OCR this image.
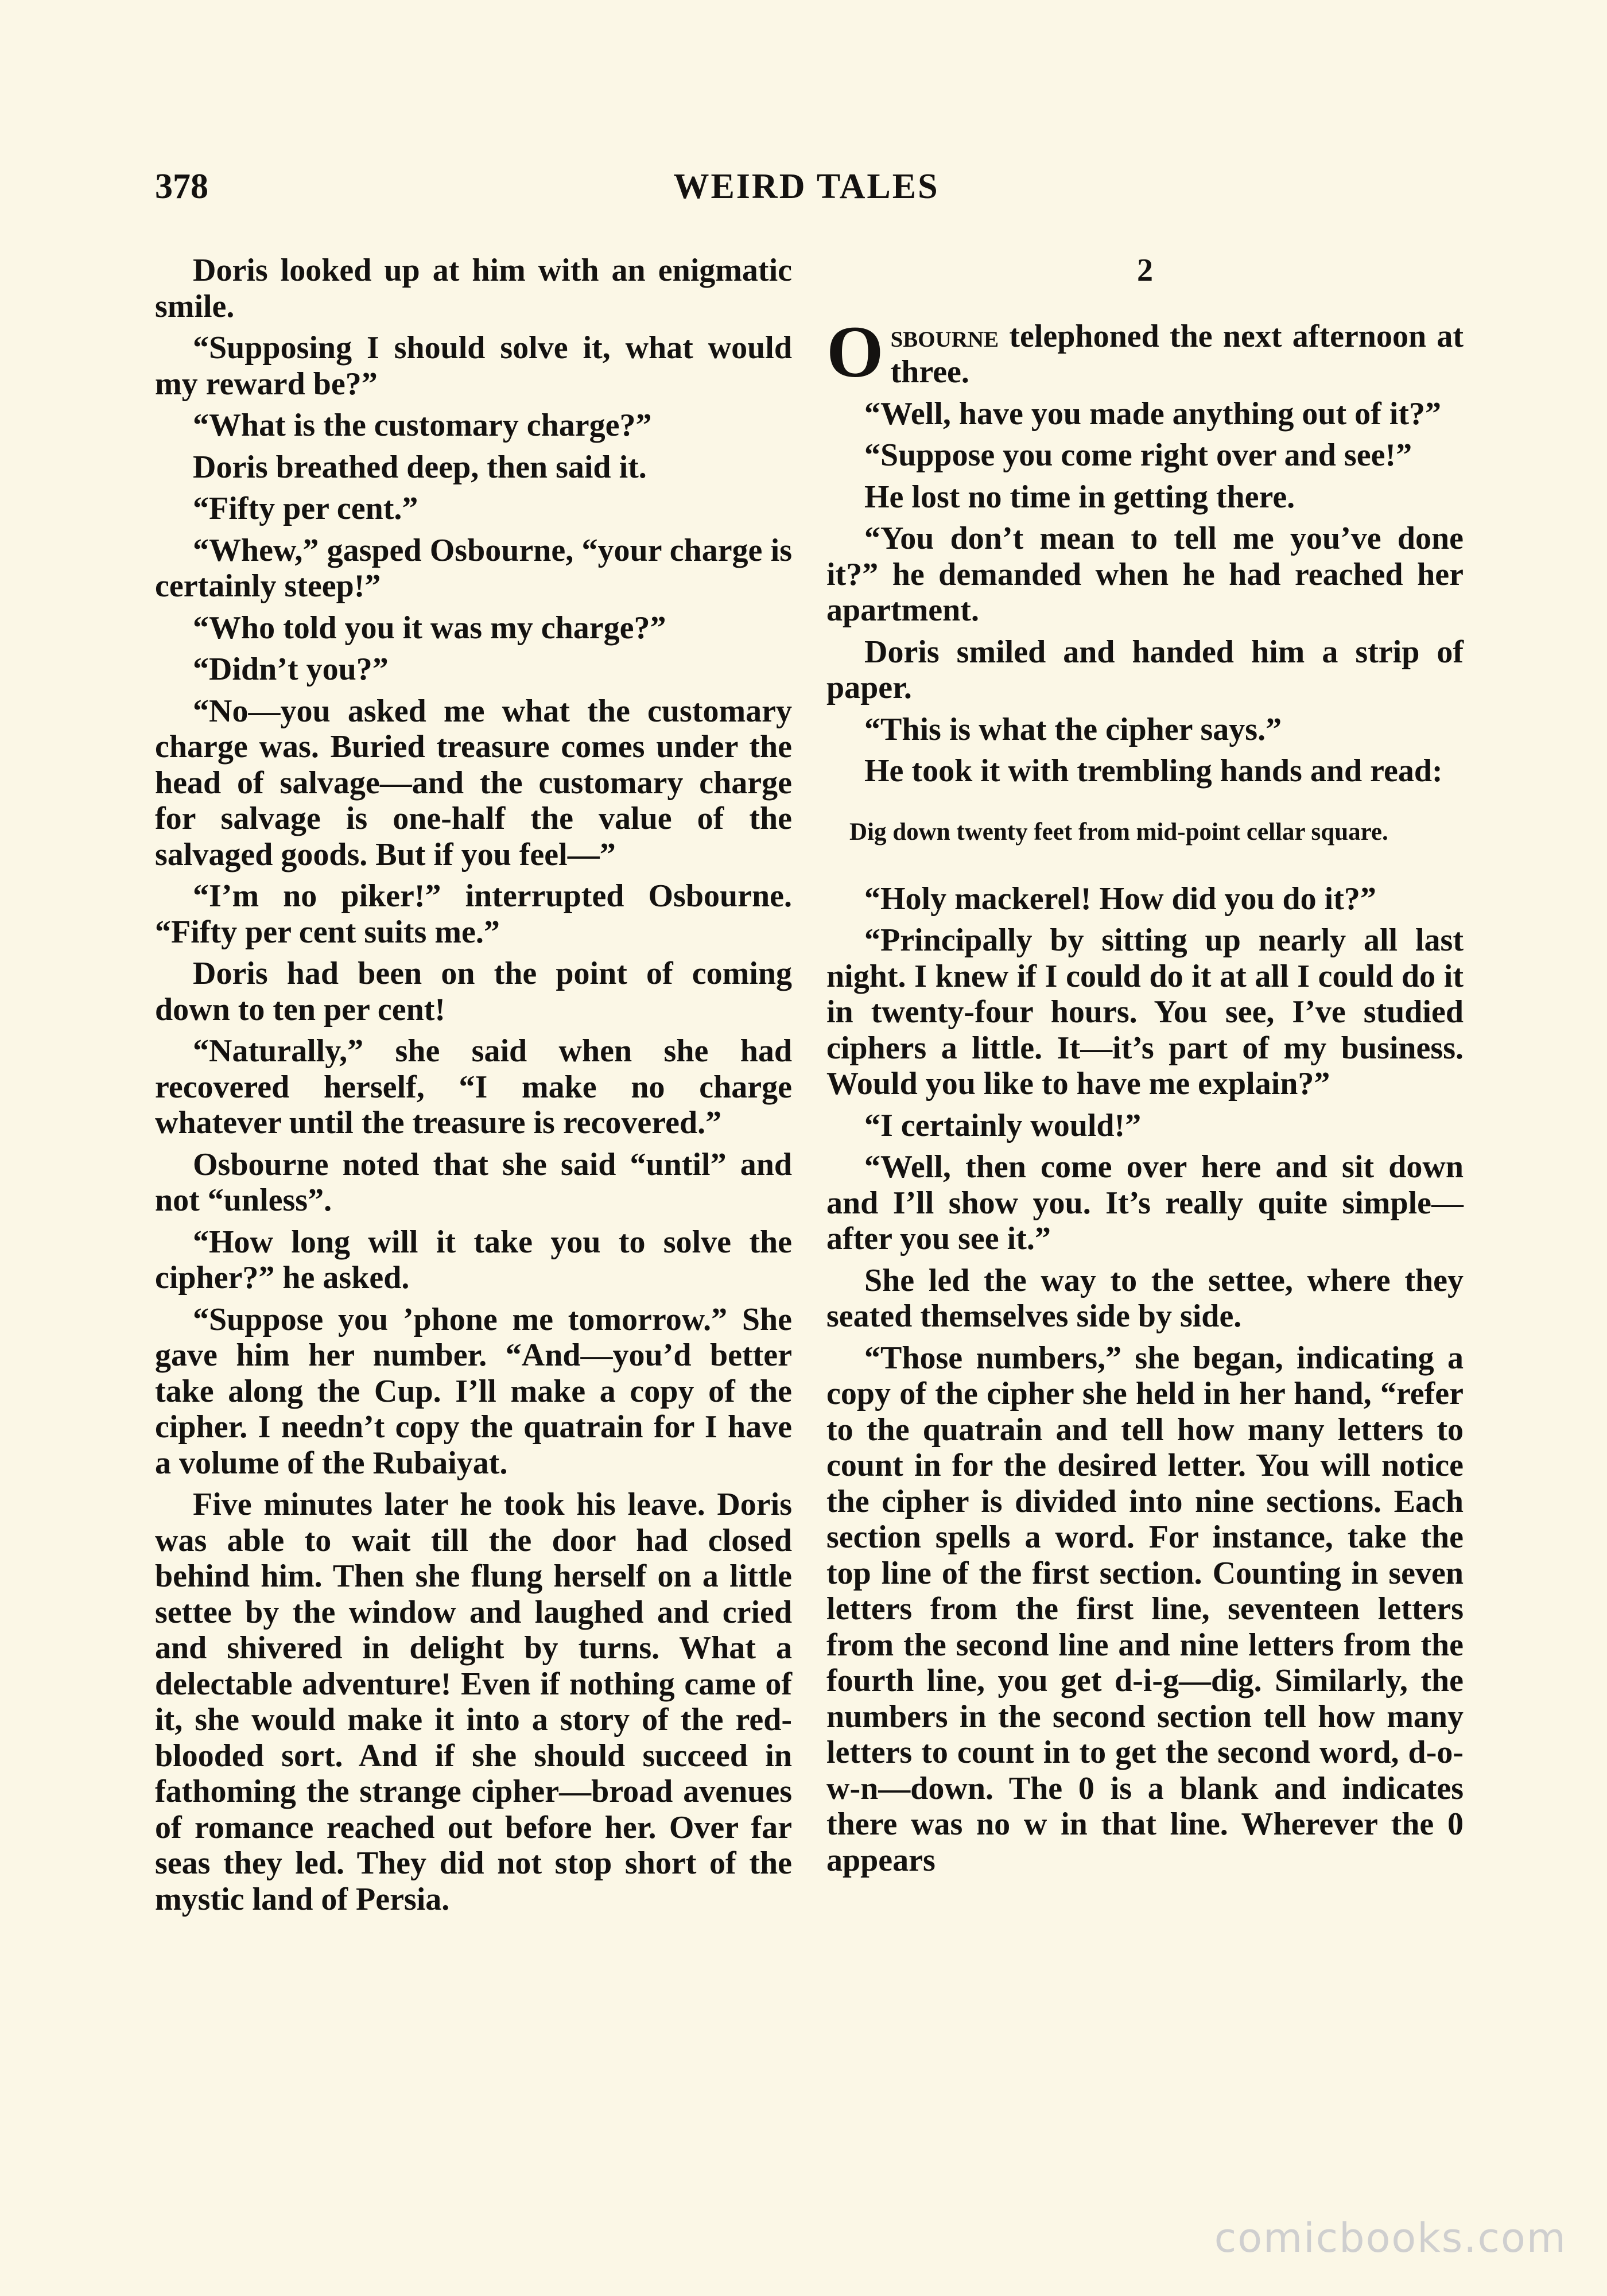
378	WEIRD TALES

Doris looked up at him with an enigmatic smile.

“Supposing I should solve it, what would my reward be?”

“What is the customary charge?”

Doris breathed deep, then said it.

“Fifty per cent.”

“Whew,” gasped Osbourne, “your charge is certainly steep!”

“Who told you it was my charge?”

“Didn’t you?”

“No—you asked me what the customary charge was. Buried treasure comes under the head of salvage—and the customary charge for salvage is one-half the value of the salvaged goods. But if you feel—”

“I’m no piker!” interrupted Osbourne. “Fifty per cent suits me.”

Doris had been on the point of coming down to ten per cent!

“Naturally,” she said when she had recovered herself, “I make no charge whatever until the treasure is recovered.”

Osbourne noted that she said “until” and not “unless”.

“How long will it take you to solve the cipher?” he asked.

“Suppose you ’phone me tomorrow.” She gave him her number. “And—you’d better take along the Cup. I’ll make a copy of the cipher. I needn’t copy the quatrain for I have a volume of the Rubaiyat.

Five minutes later he took his leave. Doris was able to wait till the door had closed behind him. Then she flung herself on a little settee by the window and laughed and cried and shivered in delight by turns. What a delectable adventure! Even if nothing came of it, she would make it into a story of the red-blooded sort. And if she should succeed in fathoming the strange cipher—broad avenues of romance reached out before her. Over far seas they led. They did not stop short of the mystic land of Persia.

2

Osbourne telephoned the next afternoon at three.

“Well, have you made anything out of it?”

“Suppose you come right over and see!”

He lost no time in getting there.

“You don’t mean to tell me you’ve done it?” he demanded when he had reached her apartment.

Doris smiled and handed him a strip of paper.

“This is what the cipher says.”

He took it with trembling hands and read:

Dig down twenty feet from mid-point cellar square.

“Holy mackerel! How did you do it?”

“Principally by sitting up nearly all last night. I knew if I could do it at all I could do it in twenty-four hours. You see, I’ve studied ciphers a little. It—it’s part of my business. Would you like to have me explain?”

“I certainly would!”

“Well, then come over here and sit down and I’ll show you. It’s really quite simple—after you see it.”

She led the way to the settee, where they seated themselves side by side.

“Those numbers,” she began, indicating a copy of the cipher she held in her hand, “refer to the quatrain and tell how many letters to count in for the desired letter. You will notice the cipher is divided into nine sections. Each section spells a word. For instance, take the top line of the first section. Counting in seven letters from the first line, seventeen letters from the second line and nine letters from the fourth line, you get d-i-g—dig. Similarly, the numbers in the second section tell how many letters to count in to get the second word, d-o-w-n—down. The 0 is a blank and indicates there was no w in that line. Wherever the 0 appears

comicbooks.com
